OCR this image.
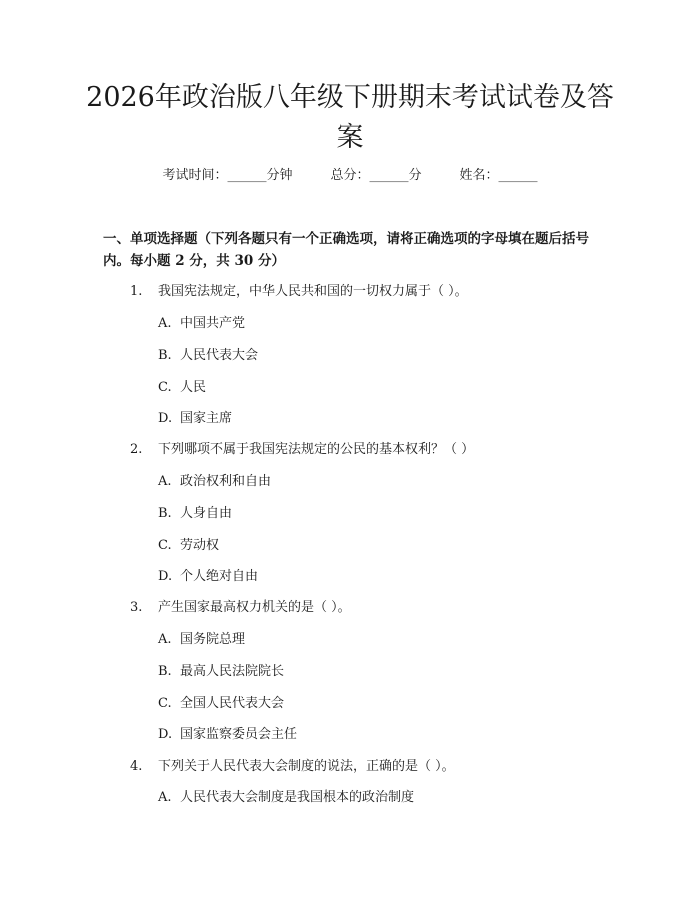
2026年政治版八年级下册期末考试试卷及答案
考试时间：______分钟	总分：______分	姓名：______
一、单项选择题（下列各题只有一个正确选项，请将正确选项的字母填在题后括号内。每小题 2 分，共 30 分）
1. 我国宪法规定，中华人民共和国的一切权力属于（ ）。
A. 中国共产党
B. 人民代表大会
C. 人民
D. 国家主席
2. 下列哪项不属于我国宪法规定的公民的基本权利？（ ）
A. 政治权利和自由
B. 人身自由
C. 劳动权
D. 个人绝对自由
3. 产生国家最高权力机关的是（ ）。
A. 国务院总理
B. 最高人民法院院长
C. 全国人民代表大会
D. 国家监察委员会主任
4. 下列关于人民代表大会制度的说法，正确的是（ ）。
A. 人民代表大会制度是我国根本的政治制度
